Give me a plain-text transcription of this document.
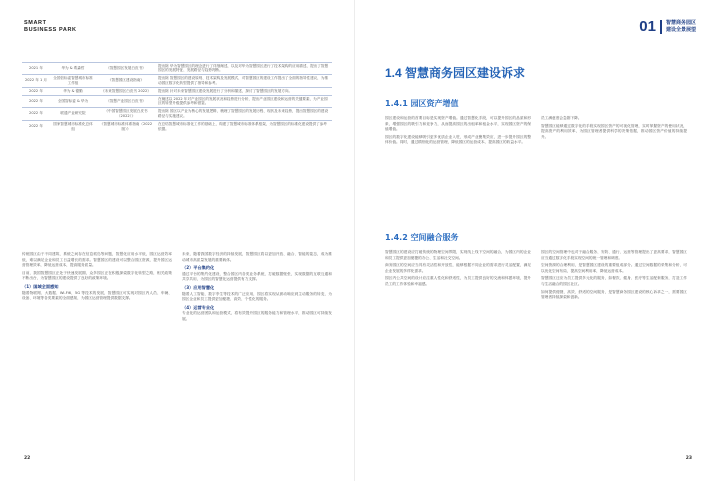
SMART
BUSINESS PARK
2021 年	华为 & 埃森哲	《智慧园区发展白皮书》	提出除 华为智慧园区的理念进行了详细阐述，以及对华为智慧园区进行了技术架构的应用描述，提出了智慧园区的发展特征、发展路径与趋势判断。
2022 年 1 月	全国信标委智慧城市标准工作组	《智慧园区建设指南》	提出除 智慧园区的建设原则、技术架构及发展模式，对智慧园区的建设工作提出了全面的指导性建议，为推动园区数字化转型提供了指导和参考。
2022 年	华为 & 德勤	《未来智慧园区白皮书 2022》	提出除 针对未来智慧园区建设发展进行了分析和描述，探讨了智慧园区的发展方向。
2022 年	全国智标委 & 华为	《智慧产业园区白皮书》	在阐述以 2022 年对产业园区的发展状况和趋势进行分析，提出产业园区建设和运营的关键要素，为产业园区的转型升级提供参考和借鉴。
2022 年	联通产业研究院	《中国智慧园区发展白皮书（2022）》	提出除 园区以产业为核心的发展逻辑，梳理了智慧园区的发展历程、现状及未来趋势，提出智慧园区的建设路径与实施建议。
2022 年	国家智慧城市标准化总体组	《智慧城市标准体系指南（2022 版）》	在总结智慧城市标准化工作的基础上，构建了智慧城市标准体系框架，为智慧园区的标准化建设提供了参考依据。

传统园区由于不同建筑、系统之间存在信息孤岛等问题，智慧化应用水平低，园区运营效率低，难以满足企业和员工日益增长的需求。智慧园区的建设可以整合园区资源，提升园区运营管理效率，降低运营成本，提高服务质量。

目前，我国智慧园区正处于快速发展期，众多园区正在积极探索数字化转型之路，相关政策不断出台，为智慧园区的建设提供了良好的政策环境。

（1）国域全面感知

随着物联网、大数据、Wi-Fi6、5G 等技术的发展，智慧园区可实现对园区内人员、车辆、设备、环境等各类要素的全面感知，为园区运营管理提供数据支撑。

未来，随着我国数字经济的持续发展，智慧园区将以更加开放、融合、智能的姿态，成为推动城市高质量发展的重要载体。

（2）平台集约化

通过平台的集约化建设，整合园区内各类业务系统，打破数据壁垒，实现数据的互联互通和共享共用，为园区的智慧化运营提供有力支撑。

（3）应用智慧化

随着人工智能、数字孪生等技术的广泛应用，园区将实现从被动响应到主动服务的转变，为园区企业和员工提供更加便捷、高效、个性化的服务。

（4）运营专业化

专业化的运营团队和运营模式，将有效提升园区的服务能力和管理水平，推动园区可持续发展。

22
01 智慧商务园区
建设全景展望
1.4 智慧商务园区建设诉求
1.4.1 园区资产增值

园区建设和运营的首要目标是实现资产增值。通过智慧化手段，可以提升园区的品质和形象，增强园区的吸引力和竞争力，从而提高园区的出租率和租金水平，实现园区资产的保值增值。

园区的数字化建设能够吸引更多优质企业入驻，形成产业聚集效应，进一步提升园区的整体价值。同时，通过精细化的运营管理，降低园区的运营成本，提高园区的收益水平。

员工满意度会急剧下降。

智慧园区能够通过数字化的手段实现园区资产的可视化管理，实时掌握资产的使用状况，提高资产的利用效率，为园区管理者提供科学的决策依据，推动园区资产价值的持续提升。

1.4.2 空间融合服务

智慧园区的建设应打破传统的物理空间界限，实现线上线下空间的融合，为园区内的企业和员工提供更加便捷的办公、生活和社交空间。

商务园区的空间应当具有灵活性和开放性，能够根据不同企业的需求进行灵活配置，满足企业发展的多样化需求。

园区内公共空间的设计应注重人性化和舒适性，为员工提供良好的交流和休憩环境，提升员工的工作体验和幸福感。

园区的空间管理中也对于融合服务、安防、通行、运营等管理提出了更高要求，智慧园区应当通过数字化手段实现空间的统一管理和调度。

空间资源的合理利用，是智慧园区建设的重要组成部分。通过空间数据的采集和分析，可以优化空间布局，提高空间利用率，降低运营成本。

智慧园区还应为员工提供多元化的服务，如餐饮、健身、医疗等生活配套服务，打造工作与生活融合的园区社区。

如何提供便捷、高效、舒适的空间服务，是智慧商务园区建设的核心诉求之一，需要园区管理者持续探索和创新。

23
